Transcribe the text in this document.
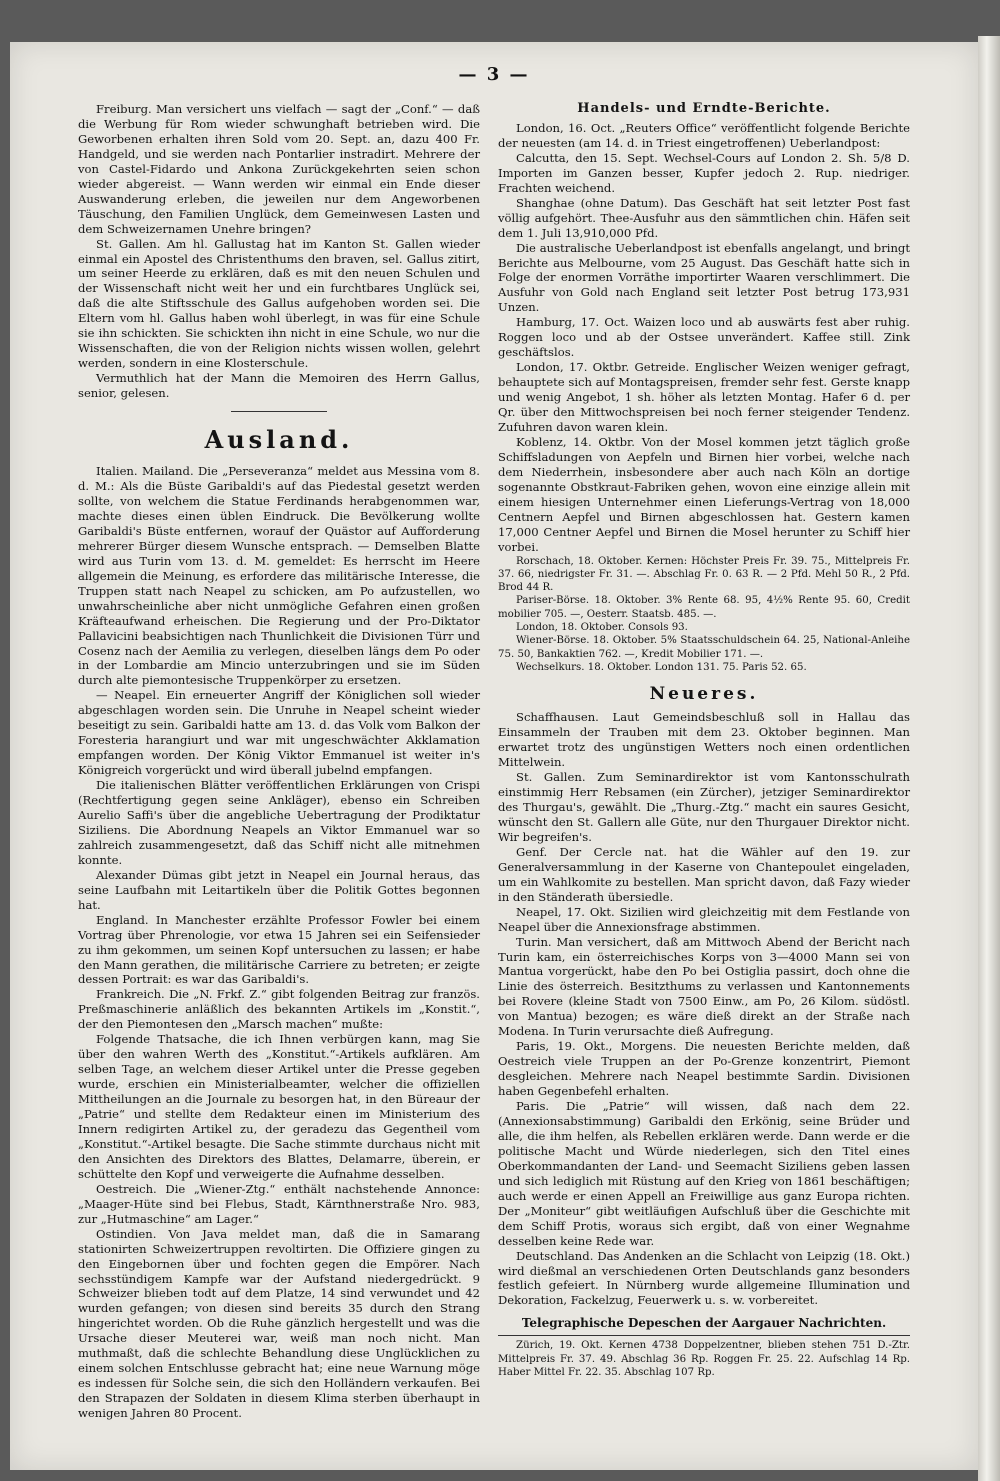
— 3 —

Freiburg. Man versichert uns vielfach — sagt der „Conf.“ — daß die Werbung für Rom wieder schwunghaft betrieben wird. Die Geworbenen erhalten ihren Sold vom 20. Sept. an, dazu 400 Fr. Handgeld, und sie werden nach Pontarlier instradirt. Mehrere der von Castel-Fidardo und Ankona Zurückgekehrten seien schon wieder abgereist. — Wann werden wir einmal ein Ende dieser Auswanderung erleben, die jeweilen nur dem Angeworbenen Täuschung, den Familien Unglück, dem Gemeinwesen Lasten und dem Schweizernamen Unehre bringen?

St. Gallen. Am hl. Gallustag hat im Kanton St. Gallen wieder einmal ein Apostel des Christenthums den braven, sel. Gallus zitirt, um seiner Heerde zu erklären, daß es mit den neuen Schulen und der Wissenschaft nicht weit her und ein furchtbares Unglück sei, daß die alte Stiftsschule des Gallus aufgehoben worden sei. Die Eltern vom hl. Gallus haben wohl überlegt, in was für eine Schule sie ihn schickten. Sie schickten ihn nicht in eine Schule, wo nur die Wissenschaften, die von der Religion nichts wissen wollen, gelehrt werden, sondern in eine Klosterschule.

Vermuthlich hat der Mann die Memoiren des Herrn Gallus, senior, gelesen.

Ausland.

Italien. Mailand. Die „Perseveranza“ meldet aus Messina vom 8. d. M.: Als die Büste Garibaldi's auf das Piedestal gesetzt werden sollte, von welchem die Statue Ferdinands herabgenommen war, machte dieses einen üblen Eindruck. Die Bevölkerung wollte Garibaldi's Büste entfernen, worauf der Quästor auf Aufforderung mehrerer Bürger diesem Wunsche entsprach. — Demselben Blatte wird aus Turin vom 13. d. M. gemeldet: Es herrscht im Heere allgemein die Meinung, es erfordere das militärische Interesse, die Truppen statt nach Neapel zu schicken, am Po aufzustellen, wo unwahrscheinliche aber nicht unmögliche Gefahren einen großen Kräfteaufwand erheischen. Die Regierung und der Pro-Diktator Pallavicini beabsichtigen nach Thunlichkeit die Divisionen Türr und Cosenz nach der Aemilia zu verlegen, dieselben längs dem Po oder in der Lombardie am Mincio unterzubringen und sie im Süden durch alte piemontesische Truppenkörper zu ersetzen.

— Neapel. Ein erneuerter Angriff der Königlichen soll wieder abgeschlagen worden sein. Die Unruhe in Neapel scheint wieder beseitigt zu sein. Garibaldi hatte am 13. d. das Volk vom Balkon der Foresteria harangiurt und war mit ungeschwächter Akklamation empfangen worden. Der König Viktor Emmanuel ist weiter in's Königreich vorgerückt und wird überall jubelnd empfangen.

Die italienischen Blätter veröffentlichen Erklärungen von Crispi (Rechtfertigung gegen seine Ankläger), ebenso ein Schreiben Aurelio Saffi's über die angebliche Uebertragung der Prodiktatur Siziliens. Die Abordnung Neapels an Viktor Emmanuel war so zahlreich zusammengesetzt, daß das Schiff nicht alle mitnehmen konnte.

Alexander Dümas gibt jetzt in Neapel ein Journal heraus, das seine Laufbahn mit Leitartikeln über die Politik Gottes begonnen hat.

England. In Manchester erzählte Professor Fowler bei einem Vortrag über Phrenologie, vor etwa 15 Jahren sei ein Seifensieder zu ihm gekommen, um seinen Kopf untersuchen zu lassen; er habe den Mann gerathen, die militärische Carriere zu betreten; er zeigte dessen Portrait: es war das Garibaldi's.

Frankreich. Die „N. Frkf. Z.“ gibt folgenden Beitrag zur französ. Preßmaschinerie anläßlich des bekannten Artikels im „Konstit.“, der den Piemontesen den „Marsch machen“ mußte:

Folgende Thatsache, die ich Ihnen verbürgen kann, mag Sie über den wahren Werth des „Konstitut.“-Artikels aufklären. Am selben Tage, an welchem dieser Artikel unter die Presse gegeben wurde, erschien ein Ministerialbeamter, welcher die offiziellen Mittheilungen an die Journale zu besorgen hat, in den Büreaur der „Patrie“ und stellte dem Redakteur einen im Ministerium des Innern redigirten Artikel zu, der geradezu das Gegentheil vom „Konstitut.“-Artikel besagte. Die Sache stimmte durchaus nicht mit den Ansichten des Direktors des Blattes, Delamarre, überein, er schüttelte den Kopf und verweigerte die Aufnahme desselben.

Oestreich. Die „Wiener-Ztg.“ enthält nachstehende Annonce: „Maager-Hüte sind bei Flebus, Stadt, Kärnthnerstraße Nro. 983, zur „Hutmaschine“ am Lager.“

Ostindien. Von Java meldet man, daß die in Samarang stationirten Schweizertruppen revoltirten. Die Offiziere gingen zu den Eingebornen über und fochten gegen die Empörer. Nach sechsstündigem Kampfe war der Aufstand niedergedrückt. 9 Schweizer blieben todt auf dem Platze, 14 sind verwundet und 42 wurden gefangen; von diesen sind bereits 35 durch den Strang hingerichtet worden. Ob die Ruhe gänzlich hergestellt und was die Ursache dieser Meuterei war, weiß man noch nicht. Man muthmaßt, daß die schlechte Behandlung diese Unglücklichen zu einem solchen Entschlusse gebracht hat; eine neue Warnung möge es indessen für Solche sein, die sich den Holländern verkaufen. Bei den Strapazen der Soldaten in diesem Klima sterben überhaupt in wenigen Jahren 80 Procent.

Handels- und Erndte-Berichte.

London, 16. Oct. „Reuters Office“ veröffentlicht folgende Berichte der neuesten (am 14. d. in Triest eingetroffenen) Ueberlandpost:

Calcutta, den 15. Sept. Wechsel-Cours auf London 2. Sh. 5/8 D. Importen im Ganzen besser, Kupfer jedoch 2. Rup. niedriger. Frachten weichend.

Shanghae (ohne Datum). Das Geschäft hat seit letzter Post fast völlig aufgehört. Thee-Ausfuhr aus den sämmtlichen chin. Häfen seit dem 1. Juli 13,910,000 Pfd.

Die australische Ueberlandpost ist ebenfalls angelangt, und bringt Berichte aus Melbourne, vom 25 August. Das Geschäft hatte sich in Folge der enormen Vorräthe importirter Waaren verschlimmert. Die Ausfuhr von Gold nach England seit letzter Post betrug 173,931 Unzen.

Hamburg, 17. Oct. Waizen loco und ab auswärts fest aber ruhig. Roggen loco und ab der Ostsee unverändert. Kaffee still. Zink geschäftslos.

London, 17. Oktbr. Getreide. Englischer Weizen weniger gefragt, behauptete sich auf Montagspreisen, fremder sehr fest. Gerste knapp und wenig Angebot, 1 sh. höher als letzten Montag. Hafer 6 d. per Qr. über den Mittwochspreisen bei noch ferner steigender Tendenz. Zufuhren davon waren klein.

Koblenz, 14. Oktbr. Von der Mosel kommen jetzt täglich große Schiffsladungen von Aepfeln und Birnen hier vorbei, welche nach dem Niederrhein, insbesondere aber auch nach Köln an dortige sogenannte Obstkraut-Fabriken gehen, wovon eine einzige allein mit einem hiesigen Unternehmer einen Lieferungs-Vertrag von 18,000 Centnern Aepfel und Birnen abgeschlossen hat. Gestern kamen 17,000 Centner Aepfel und Birnen die Mosel herunter zu Schiff hier vorbei.

Rorschach, 18. Oktober. Kernen: Höchster Preis Fr. 39. 75., Mittelpreis Fr. 37. 66, niedrigster Fr. 31. —. Abschlag Fr. 0. 63 R. — 2 Pfd. Mehl 50 R., 2 Pfd. Brod 44 R.

Pariser-Börse. 18. Oktober. 3% Rente 68. 95, 4½% Rente 95. 60, Credit mobilier 705. —, Oesterr. Staatsb. 485. —.

London, 18. Oktober. Consols 93.

Wiener-Börse. 18. Oktober. 5% Staatsschuldschein 64. 25, National-Anleihe 75. 50, Bankaktien 762. —, Kredit Mobilier 171. —.

Wechselkurs. 18. Oktober. London 131. 75. Paris 52. 65.

Neueres.

Schaffhausen. Laut Gemeindsbeschluß soll in Hallau das Einsammeln der Trauben mit dem 23. Oktober beginnen. Man erwartet trotz des ungünstigen Wetters noch einen ordentlichen Mittelwein.

St. Gallen. Zum Seminardirektor ist vom Kantonsschulrath einstimmig Herr Rebsamen (ein Zürcher), jetziger Seminardirektor des Thurgau's, gewählt. Die „Thurg.-Ztg.“ macht ein saures Gesicht, wünscht den St. Gallern alle Güte, nur den Thurgauer Direktor nicht. Wir begreifen's.

Genf. Der Cercle nat. hat die Wähler auf den 19. zur Generalversammlung in der Kaserne von Chantepoulet eingeladen, um ein Wahlkomite zu bestellen. Man spricht davon, daß Fazy wieder in den Ständerath übersiedle.

Neapel, 17. Okt. Sizilien wird gleichzeitig mit dem Festlande von Neapel über die Annexionsfrage abstimmen.

Turin. Man versichert, daß am Mittwoch Abend der Bericht nach Turin kam, ein österreichisches Korps von 3—4000 Mann sei von Mantua vorgerückt, habe den Po bei Ostiglia passirt, doch ohne die Linie des österreich. Besitzthums zu verlassen und Kantonnements bei Rovere (kleine Stadt von 7500 Einw., am Po, 26 Kilom. südöstl. von Mantua) bezogen; es wäre dieß direkt an der Straße nach Modena. In Turin verursachte dieß Aufregung.

Paris, 19. Okt., Morgens. Die neuesten Berichte melden, daß Oestreich viele Truppen an der Po-Grenze konzentrirt, Piemont desgleichen. Mehrere nach Neapel bestimmte Sardin. Divisionen haben Gegenbefehl erhalten.

Paris. Die „Patrie“ will wissen, daß nach dem 22. (Annexionsabstimmung) Garibaldi den Erkönig, seine Brüder und alle, die ihm helfen, als Rebellen erklären werde. Dann werde er die politische Macht und Würde niederlegen, sich den Titel eines Oberkommandanten der Land- und Seemacht Siziliens geben lassen und sich lediglich mit Rüstung auf den Krieg von 1861 beschäftigen; auch werde er einen Appell an Freiwillige aus ganz Europa richten. Der „Moniteur“ gibt weitläufigen Aufschluß über die Geschichte mit dem Schiff Protis, woraus sich ergibt, daß von einer Wegnahme desselben keine Rede war.

Deutschland. Das Andenken an die Schlacht von Leipzig (18. Okt.) wird dießmal an verschiedenen Orten Deutschlands ganz besonders festlich gefeiert. In Nürnberg wurde allgemeine Illumination und Dekoration, Fackelzug, Feuerwerk u. s. w. vorbereitet.

Telegraphische Depeschen der Aargauer Nachrichten.

Zürich, 19. Okt. Kernen 4738 Doppelzentner, blieben stehen 751 D.-Ztr. Mittelpreis Fr. 37. 49. Abschlag 36 Rp. Roggen Fr. 25. 22. Aufschlag 14 Rp. Haber Mittel Fr. 22. 35. Abschlag 107 Rp.
